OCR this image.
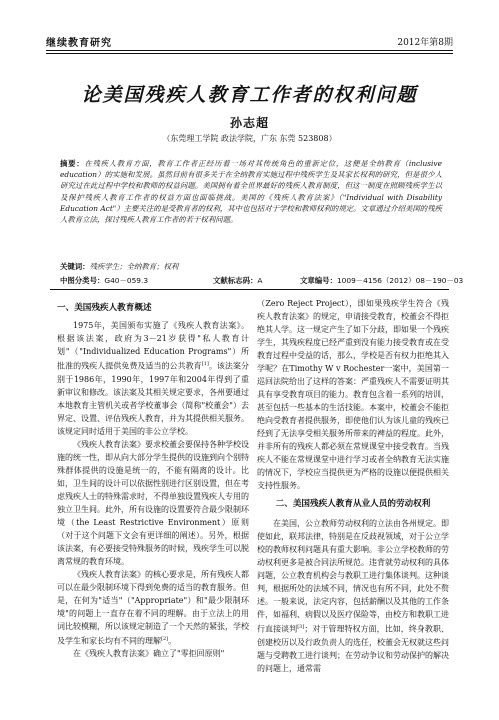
继续教育研究	2012年第8期
论美国残疾人教育工作者的权利问题
孙志超
（东莞理工学院 政法学院，广东 东莞 523808）
摘要：在残疾人教育方面，教育工作者正经历着一场对其传统角色的重新定位，这便是全纳教育（inclusive education）的实施和发展。虽然目前有很多关于在全纳教育实施过程中残疾学生及其家长权利的研究，但是很少人研究过在此过程中学校和教师的权益问题。美国拥有着全世界最好的残疾人教育制度，但这一制度在照顾残疾学生以及保护残疾人教育工作者的权益方面也面临挑战。美国的《残疾人教育法案》（"Individual with Disability Education Act"）主要关注的是受教育者的权利，其中也包括对于学校和教师权利的规定。文章通过介绍美国的残疾人教育立法，探讨残疾人教育工作者的若干权利问题。
关键词：残疾学生；全纳教育；权利
中图分类号：G40－059.3	文献标志码：A	文章编号：1009－4156（2012）08－190－03
一、美国残疾人教育概述

1975年，美国颁布实施了《残疾人教育法案》。根据该法案，政府为3－21岁获得"私人教育计划"（"Individualized Education Programs"）所批准的残疾人提供免费及适当的公共教育[1]。该法案分别于1986年，1990年，1997年和2004年得到了重新审议和修改。该法案及其相关规定要求，各州要通过本地教育主管机关或者学校董事会（简称"校董会"）去界定、设置、评估残疾人教育，并为其提供相关服务。该规定同时适用于美国的非公立学校。

《残疾人教育法案》要求校董会要保持各种学校设施的统一性，即从向大部分学生提供的设施到向个别特殊群体提供的设施是统一的，不能有隔离的设计。比如，卫生间的设计可以依据性别进行区别设置，但在考虑残疾人士的特殊需求时，不得单独设置残疾人专用的独立卫生间。此外，所有设施的设置要符合最少限制环境（the Least Restrictive Environment）原则（对于这个问题下文会有更详细的阐述）。另外，根据该法案，有必要接受特殊服务的时候，残疾学生可以脱离常规的教育环境。

《残疾人教育法案》的核心要求是，所有残疾人都可以在最少限制环境下得到免费的适当的教育服务。但是，在何为"适当"（"Appropriate"）和"最少限制环境"的问题上一直存在着不同的理解。由于立法上的用词比较模糊，所以该规定制造了一个天然的紧张，学校及学生和家长均有不同的理解[2]。

在《残疾人教育法案》确立了"零拒回原则"

（Zero Reject Project），即如果残疾学生符合《残疾人教育法案》的规定，申请接受教育，校董会不得拒绝其人学。这一规定产生了如下分歧，即如果一个残疾学生，其残疾程度已经严重到没有能力接受教育或在受教育过程中受益的话，那么，学校是否有权力拒绝其入学呢？在Timothy W v Rochester一案中，美国第一巡回法院给出了这样的答案：严重残疾人不需要证明其具有享受教育项目的能力。教育包含着一系列的培训，甚至包括一些基本的生活技能。本案中，校董会不能拒绝向受教育者提供服务，即使他们认为该儿童的残疾已经到了无法享受相关服务所带来的裨益的程度。此外，并非所有的残疾人都必须在常规课堂中接受教育。当残疾人不能在常规课堂中进行学习或者全纳教育无法实施的情况下，学校应当提供更为严格的设施以便提供相关支持性服务。

二、美国残疾人教育从业人员的劳动权利

在美国，公立教师劳动权利的立法由各州规定。即使如此，联邦法律，特别是在反歧视领域，对于公立学校的教师权利问题具有重大影响。非公立学校教师的劳动权利更多是被合同法所规范。违背就劳动权利的具体问题，公立教育机构会与教职工进行集体谈判。这种谈判，根据所处的法域不同，情况也有所不同，此处不赘述。一般来说，法定内容，包括薪酬以及其他的工作条件，如福利、病假以及医疗保险等，由校方和教职工进行直接谈判[3]；对于管理特权方面，比如，终身教职、创建校历以及行政负责人的选任，校董会无权就这些问题与受聘教工进行谈判；在劳动争议和劳动保护的解决的问题上，通常需
